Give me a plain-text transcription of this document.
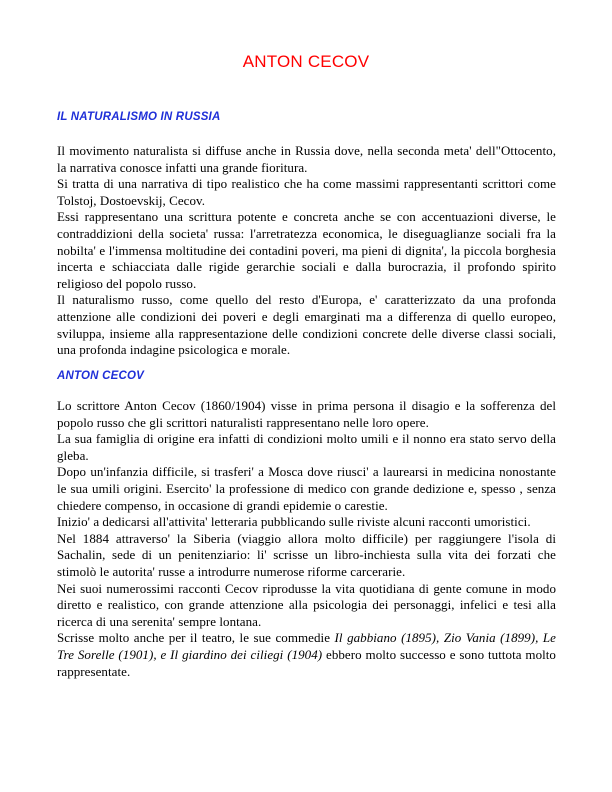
ANTON CECOV
IL NATURALISMO IN RUSSIA

Il movimento naturalista si diffuse anche in Russia dove, nella seconda meta' dell"Ottocento, la narrativa conosce infatti una grande fioritura.

Si tratta di una narrativa di tipo realistico che ha come massimi rappresentanti scrittori come Tolstoj, Dostoevskij, Cecov.

Essi rappresentano una scrittura potente e concreta anche se con accentuazioni diverse, le contraddizioni della societa' russa: l'arretratezza economica, le diseguaglianze sociali fra la nobilta' e l'immensa moltitudine dei contadini poveri, ma pieni di dignita', la piccola borghesia incerta e schiacciata dalle rigide gerarchie sociali e dalla burocrazia, il profondo spirito religioso del popolo russo.

Il naturalismo russo, come quello del resto d'Europa, e' caratterizzato da una profonda attenzione alle condizioni dei poveri e degli emarginati ma a differenza di quello europeo, sviluppa, insieme alla rappresentazione delle condizioni concrete delle diverse classi sociali, una profonda indagine psicologica e morale.

ANTON CECOV

Lo scrittore Anton Cecov (1860/1904) visse in prima persona il disagio e la sofferenza del popolo russo che gli scrittori naturalisti rappresentano nelle loro opere.

La sua famiglia di origine era infatti di condizioni molto umili e il nonno era stato servo della gleba.

Dopo un'infanzia difficile, si trasferi' a Mosca dove riusci' a laurearsi in medicina nonostante le sua umili origini. Esercito' la professione di medico con grande dedizione e, spesso , senza chiedere compenso, in occasione di grandi epidemie o carestie.

Inizio' a dedicarsi all'attivita' letteraria pubblicando sulle riviste alcuni racconti umoristici.

Nel 1884 attraverso' la Siberia (viaggio allora molto difficile) per raggiungere l'isola di Sachalin, sede di un penitenziario: li' scrisse un libro-inchiesta sulla vita dei forzati che stimolò le autorita' russe a introdurre numerose riforme carcerarie.

Nei suoi numerossimi racconti Cecov riprodusse la vita quotidiana di gente comune in modo diretto e realistico, con grande attenzione alla psicologia dei personaggi, infelici e tesi alla ricerca di una serenita' sempre lontana.

Scrisse molto anche per il teatro, le sue commedie Il gabbiano (1895), Zio Vania (1899), Le Tre Sorelle (1901), e Il giardino dei ciliegi (1904) ebbero molto successo e sono tuttota molto rappresentate.
